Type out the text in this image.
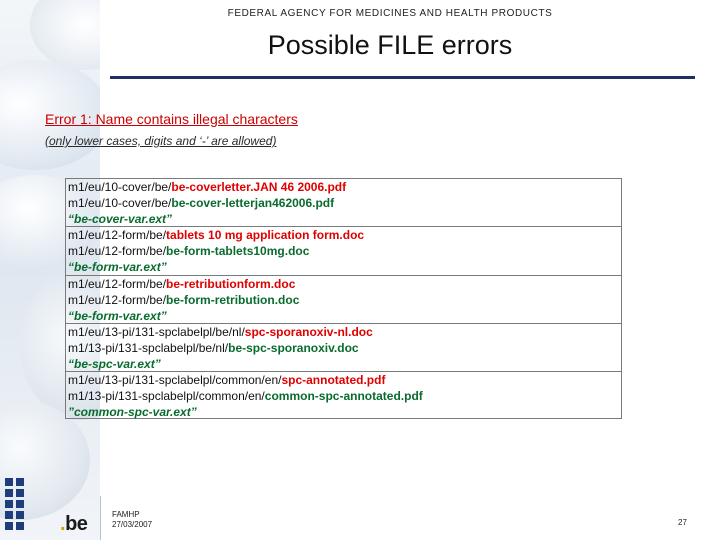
.be
FEDERAL AGENCY FOR MEDICINES AND HEALTH PRODUCTS
Possible FILE errors
Error 1: Name contains illegal characters
(only lower cases, digits and ‘-’ are allowed)
m1/eu/10-cover/be/be-coverletter.JAN 46 2006.pdf
m1/eu/10-cover/be/be-cover-letterjan462006.pdf
“be-cover-var.ext”
m1/eu/12-form/be/tablets 10 mg application form.doc
m1/eu/12-form/be/be-form-tablets10mg.doc
“be-form-var.ext”
m1/eu/12-form/be/be-retributionform.doc
m1/eu/12-form/be/be-form-retribution.doc
“be-form-var.ext”
m1/eu/13-pi/131-spclabelpl/be/nl/spc-sporanoxiv-nl.doc
m1/13-pi/131-spclabelpl/be/nl/be-spc-sporanoxiv.doc
“be-spc-var.ext”
m1/eu/13-pi/131-spclabelpl/common/en/spc-annotated.pdf
m1/13-pi/131-spclabelpl/common/en/common-spc-annotated.pdf
”common-spc-var.ext”
FAMHP
27/03/2007	27
